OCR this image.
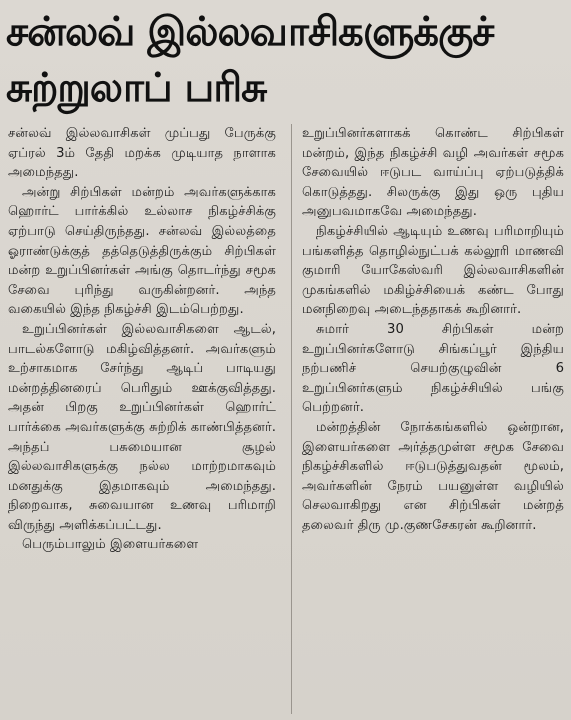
சன்லவ் இல்லவாசிகளுக்குச்
சுற்றுலாப் பரிசு

சன்லவ் இல்லவாசிகள் முப்பது பேருக்கு ஏப்ரல் 3ம் தேதி மறக்க முடியாத நாளாக அமைந்தது.

அன்று சிற்பிகள் மன்றம் அவர்களுக்காக ஹொர்ட் பார்க்கில் உல்லாச நிகழ்ச்சிக்கு ஏற்பாடு செய்திருந்தது. சன்லவ் இல்லத்தை ஓராண்டுக்குத் தத்தெடுத்திருக்கும் சிற்பிகள் மன்ற உறுப்பினர்கள் அங்கு தொடர்ந்து சமூக சேவை புரிந்து வருகின்றனர். அந்த வகையில் இந்த நிகழ்ச்சி இடம்பெற்றது.

உறுப்பினர்கள் இல்லவாசிகளை ஆடல், பாடல்களோடு மகிழ்வித்தனர். அவர்களும் உற்சாகமாக சேர்ந்து ஆடிப் பாடியது மன்றத்தினரைப் பெரிதும் ஊக்குவித்தது. அதன் பிறகு உறுப்பினர்கள் ஹொர்ட் பார்க்கை அவர்களுக்கு சுற்றிக் காண்பித்தனர். அந்தப் பசுமையான சூழல் இல்லவாசிகளுக்கு நல்ல மாற்றமாகவும் மனதுக்கு இதமாகவும் அமைந்தது. நிறைவாக, சுவையான உணவு பரிமாறி விருந்து அளிக்கப்பட்டது.

பெரும்பாலும் இளையர்களை

உறுப்பினர்களாகக் கொண்ட சிற்பிகள் மன்றம், இந்த நிகழ்ச்சி வழி அவர்கள் சமூக சேவையில் ஈடுபட வாய்ப்பு ஏற்படுத்திக் கொடுத்தது. சிலருக்கு இது ஒரு புதிய அனுபவமாகவே அமைந்தது.

நிகழ்ச்சியில் ஆடியும் உணவு பரிமாறியும் பங்களித்த தொழில்நுட்பக் கல்லூரி மாணவி குமாரி யோகேஸ்வரி இல்லவாசிகளின் முகங்களில் மகிழ்ச்சியைக் கண்ட போது மனநிறைவு அடைந்ததாகக் கூறினார்.

சுமார் 30 சிற்பிகள் மன்ற உறுப்பினர்களோடு சிங்கப்பூர் இந்திய நற்பணிச் செயற்குழுவின் 6 உறுப்பினர்களும் நிகழ்ச்சியில் பங்கு பெற்றனர்.

மன்றத்தின் நோக்கங்களில் ஒன்றான, இளையர்களை அர்த்தமுள்ள சமூக சேவை நிகழ்ச்சிகளில் ஈடுபடுத்துவதன் மூலம், அவர்களின் நேரம் பயனுள்ள வழியில் செலவாகிறது என சிற்பிகள் மன்றத் தலைவர் திரு மு.குணசேகரன் கூறினார்.
